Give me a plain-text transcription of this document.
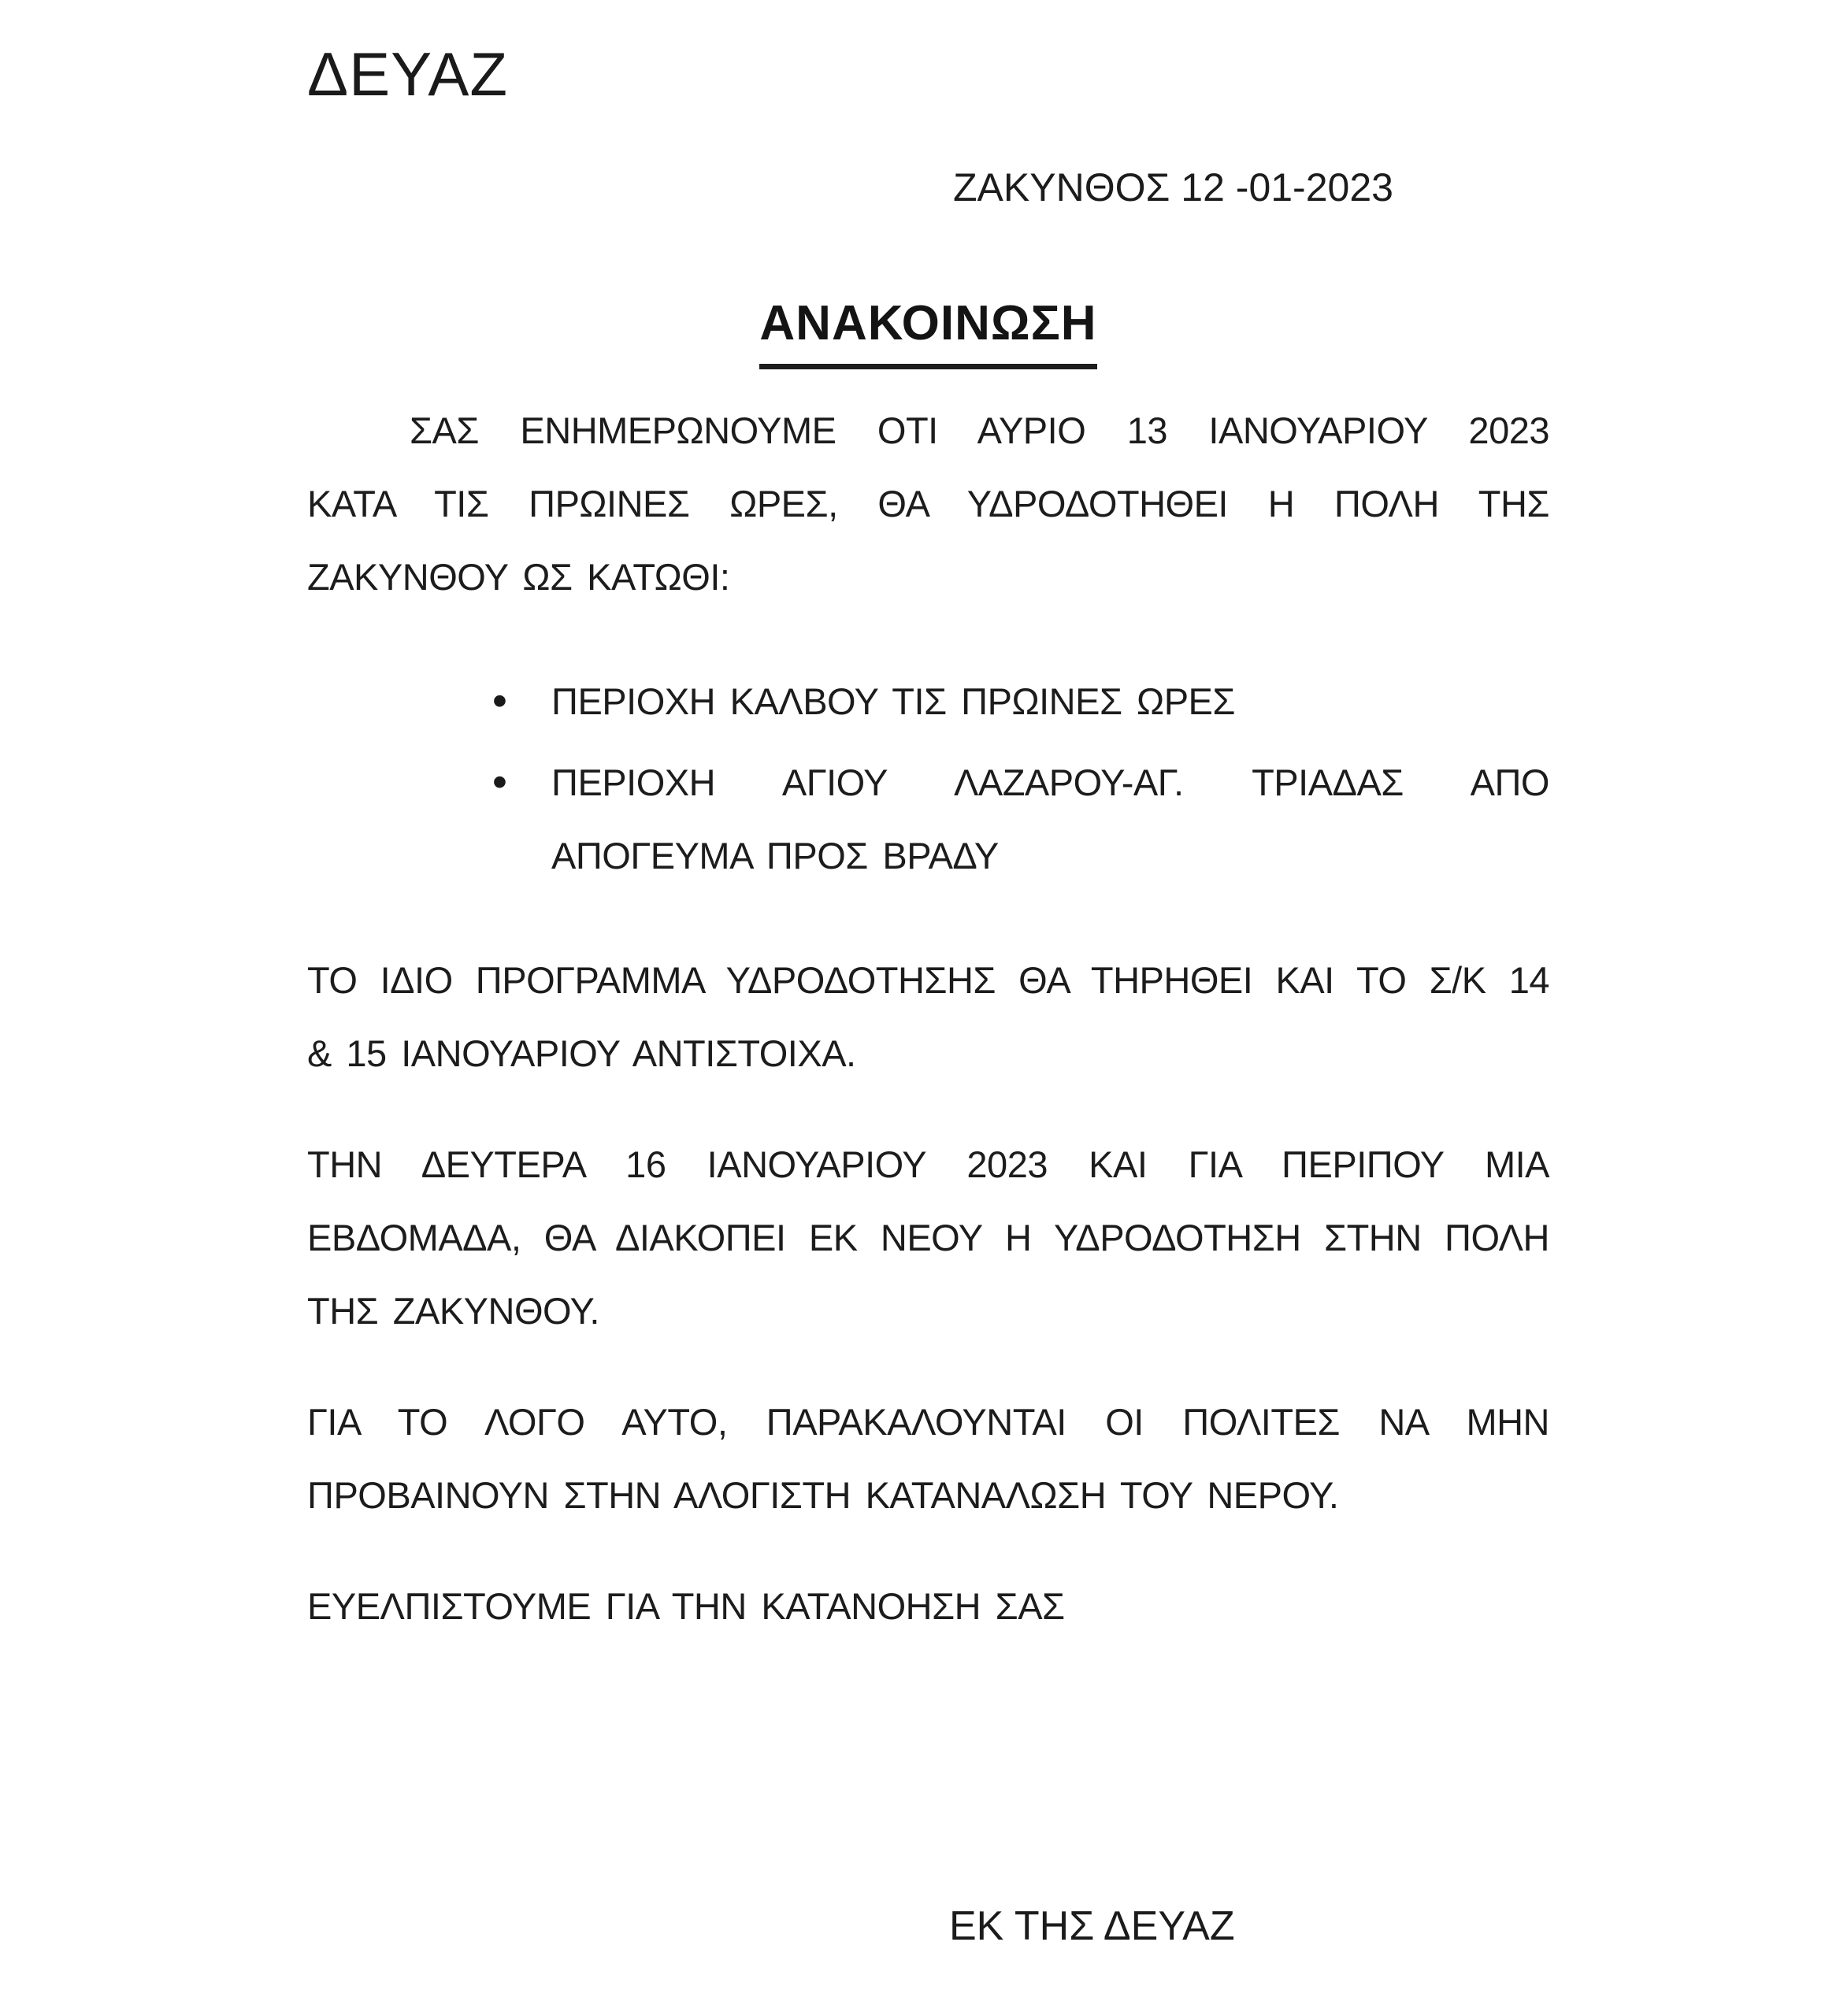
ΔΕΥΑΖ
ΖΑΚΥΝΘΟΣ 12 -01-2023
ΑΝΑΚΟΙΝΩΣΗ
ΣΑΣ ΕΝΗΜΕΡΩΝΟΥΜΕ ΟΤΙ ΑΥΡΙΟ 13 ΙΑΝΟΥΑΡΙΟΥ 2023
ΚΑΤΑ ΤΙΣ ΠΡΩΙΝΕΣ ΩΡΕΣ, ΘΑ ΥΔΡΟΔΟΤΗΘΕΙ Η ΠΟΛΗ ΤΗΣ
ΖΑΚΥΝΘΟΥ ΩΣ ΚΑΤΩΘΙ:
•	ΠΕΡΙΟΧΗ ΚΑΛΒΟΥ ΤΙΣ ΠΡΩΙΝΕΣ ΩΡΕΣ
•	ΠΕΡΙΟΧΗ ΑΓΙΟΥ ΛΑΖΑΡΟΥ-ΑΓ. ΤΡΙΑΔΑΣ ΑΠΟ
ΑΠΟΓΕΥΜΑ ΠΡΟΣ ΒΡΑΔΥ
ΤΟ ΙΔΙΟ ΠΡΟΓΡΑΜΜΑ ΥΔΡΟΔΟΤΗΣΗΣ ΘΑ ΤΗΡΗΘΕΙ ΚΑΙ ΤΟ Σ/Κ 14
& 15 ΙΑΝΟΥΑΡΙΟΥ ΑΝΤΙΣΤΟΙΧΑ.
ΤΗΝ ΔΕΥΤΕΡΑ 16 ΙΑΝΟΥΑΡΙΟΥ 2023 ΚΑΙ ΓΙΑ ΠΕΡΙΠΟΥ ΜΙΑ
ΕΒΔΟΜΑΔΑ, ΘΑ ΔΙΑΚΟΠΕΙ ΕΚ ΝΕΟΥ Η ΥΔΡΟΔΟΤΗΣΗ ΣΤΗΝ ΠΟΛΗ
ΤΗΣ ΖΑΚΥΝΘΟΥ.
ΓΙΑ ΤΟ ΛΟΓΟ ΑΥΤΟ, ΠΑΡΑΚΑΛΟΥΝΤΑΙ ΟΙ ΠΟΛΙΤΕΣ ΝΑ ΜΗΝ
ΠΡΟΒΑΙΝΟΥΝ ΣΤΗΝ ΑΛΟΓΙΣΤΗ ΚΑΤΑΝΑΛΩΣΗ ΤΟΥ ΝΕΡΟΥ.
ΕΥΕΛΠΙΣΤΟΥΜΕ ΓΙΑ ΤΗΝ ΚΑΤΑΝΟΗΣΗ ΣΑΣ
ΕΚ ΤΗΣ ΔΕΥΑΖ
